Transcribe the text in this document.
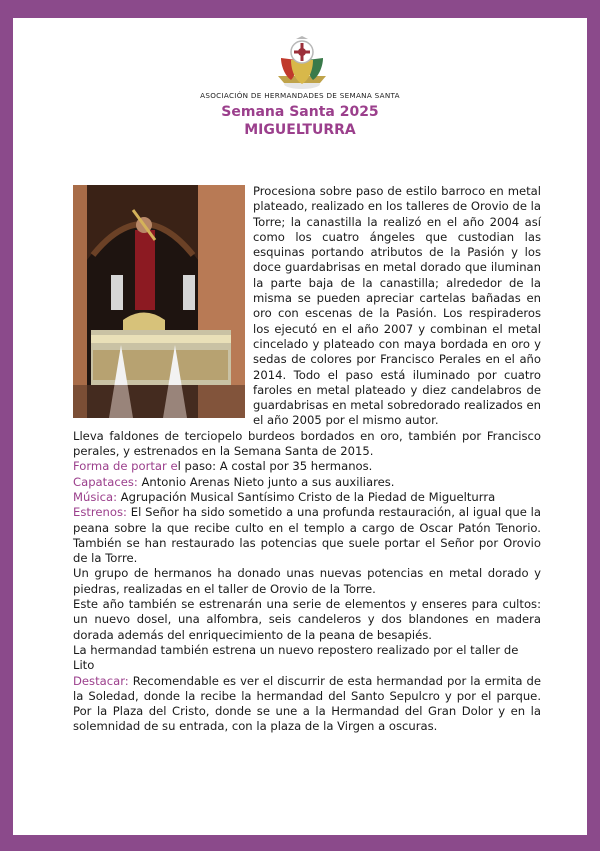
ASOCIACIÓN DE HERMANDADES DE SEMANA SANTA
Semana Santa 2025
MIGUELTURRA

Procesiona sobre paso de estilo barroco en metal plateado, realizado en los talleres de Orovio de la Torre; la canastilla la realizó en el año 2004 así como los cuatro ángeles que custodian las esquinas portando atributos de la Pasión y los doce guardabrisas en metal dorado que iluminan la parte baja de la canastilla; alrededor de la misma se pueden apreciar cartelas bañadas en oro con escenas de la Pasión. Los respiraderos los ejecutó en el año 2007 y combinan el metal cincelado y plateado con maya bordada en oro y sedas de colores por Francisco Perales en el año 2014. Todo el paso está iluminado por cuatro faroles en metal plateado y diez candelabros de guardabrisas en metal sobredorado realizados en el año 2005 por el mismo autor.

Lleva faldones de terciopelo burdeos bordados en oro, también por Francisco perales, y estrenados en la Semana Santa de 2015.

Forma de portar el paso: A costal por 35 hermanos.

Capataces: Antonio Arenas Nieto junto a sus auxiliares.

Música: Agrupación Musical Santísimo Cristo de la Piedad de Miguelturra

Estrenos: El Señor ha sido sometido a una profunda restauración, al igual que la peana sobre la que recibe culto en el templo a cargo de Oscar Patón Tenorio. También se han restaurado las potencias que suele portar el Señor por Orovio de la Torre.

Un grupo de hermanos ha donado unas nuevas potencias en metal dorado y piedras, realizadas en el taller de Orovio de la Torre.

Este año también se estrenarán una serie de elementos y enseres para cultos: un nuevo dosel, una alfombra, seis candeleros y dos blandones en madera dorada además del enriquecimiento de la peana de besapiés.

La hermandad también estrena un nuevo repostero realizado por el taller de Lito

Destacar: Recomendable es ver el discurrir de esta hermandad por la ermita de la Soledad, donde la recibe la hermandad del Santo Sepulcro y por el parque. Por la Plaza del Cristo, donde se une a la Hermandad del Gran Dolor y en la solemnidad de su entrada, con la plaza de la Virgen a oscuras.
